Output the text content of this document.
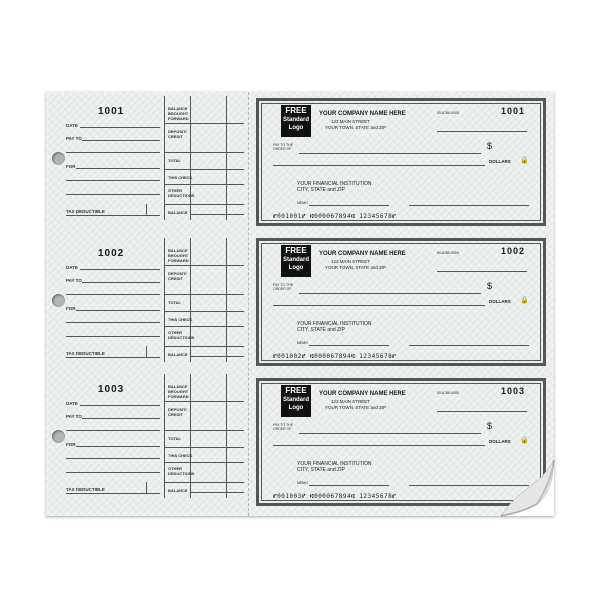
1001
DATE
PAY TO
FOR
TAX DEDUCTIBLE
BALANCE BROUGHT FORWARD
DEPOSIT/ CREDIT
TOTAL
THIS CHECK
OTHER DEDUCTIONS
BALANCE
1002
DATE
PAY TO
FOR
TAX DEDUCTIBLE
BALANCE BROUGHT FORWARD
DEPOSIT/ CREDIT
TOTAL
THIS CHECK
OTHER DEDUCTIONS
BALANCE
1003
DATE
PAY TO
FOR
TAX DEDUCTIBLE
BALANCE BROUGHT FORWARD
DEPOSIT/ CREDIT
TOTAL
THIS CHECK
OTHER DEDUCTIONS
BALANCE
FREE
Standard
Logo
YOUR COMPANY NAME HERE
123 MAIN STREET
YOUR TOWN, STATE and ZIP
00-6789-0000	1001
PAY TO THE ORDER OF	$
DOLLARS 🔒
YOUR FINANCIAL INSTITUTION
CITY, STATE and ZIP
MEMO
⑈001001⑈ ⑆000067894⑆ 12345678⑈
FREE
Standard
Logo
YOUR COMPANY NAME HERE
123 MAIN STREET
YOUR TOWN, STATE and ZIP
00-6789-0000	1002
PAY TO THE ORDER OF	$
DOLLARS 🔒
YOUR FINANCIAL INSTITUTION
CITY, STATE and ZIP
MEMO
⑈001002⑈ ⑆000067894⑆ 12345678⑈
FREE
Standard
Logo
YOUR COMPANY NAME HERE
123 MAIN STREET
YOUR TOWN, STATE and ZIP
00-6789-0000	1003
PAY TO THE ORDER OF	$
DOLLARS 🔒
YOUR FINANCIAL INSTITUTION
CITY, STATE and ZIP
MEMO
⑈001003⑈ ⑆000067894⑆ 12345678⑈
